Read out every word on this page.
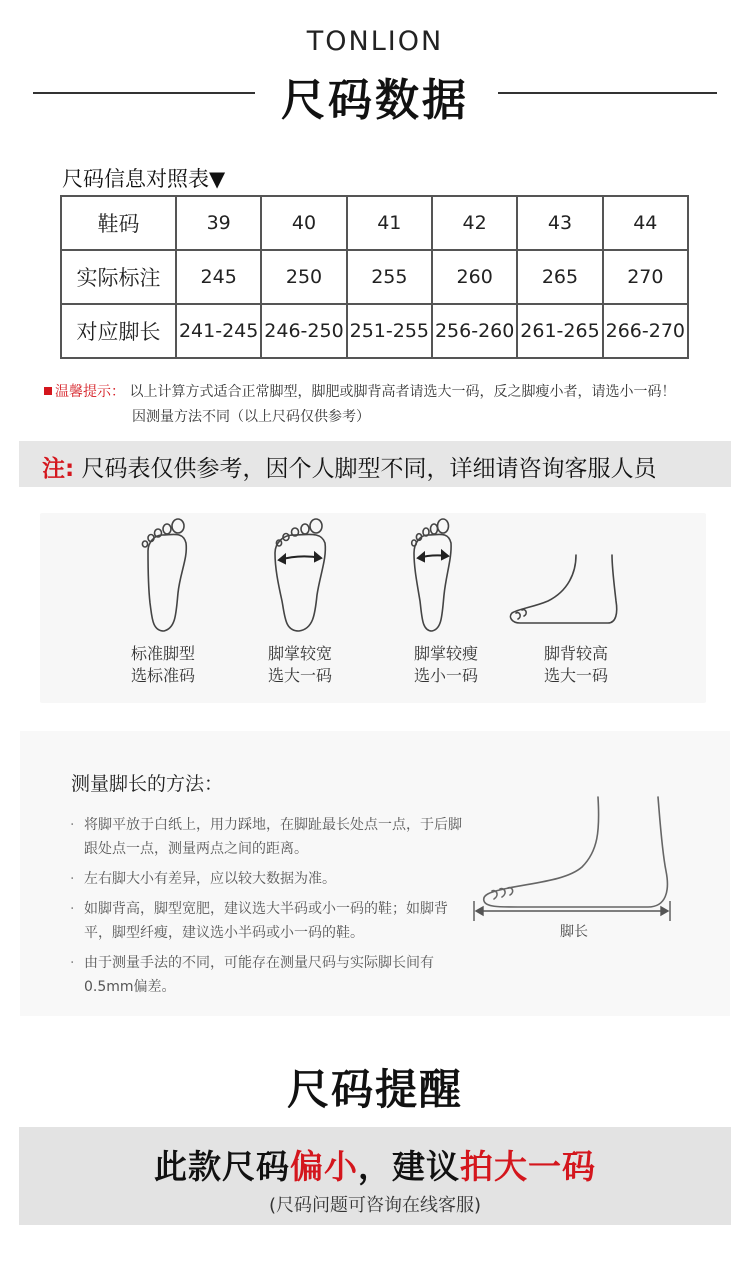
TONLION
尺码数据
尺码信息对照表▼
鞋码	39	40	41	42	43	44
实际标注	245	250	255	260	265	270
对应脚长	241-245	246-250	251-255	256-260	261-265	266-270
温馨提示： 以上计算方式适合正常脚型，脚肥或脚背高者请选大一码，反之脚瘦小者，请选小一码！
因测量方法不同（以上尺码仅供参考）
注: 尺码表仅供参考，因个人脚型不同，详细请咨询客服人员
标准脚型
选标准码
脚掌较宽
选大一码
脚掌较瘦
选小一码
脚背较高
选大一码
测量脚长的方法：
· 将脚平放于白纸上，用力踩地，在脚趾最长处点一点，于后脚跟处点一点，测量两点之间的距离。
· 左右脚大小有差异，应以较大数据为准。
· 如脚背高，脚型宽肥，建议选大半码或小一码的鞋；如脚背平，脚型纤瘦，建议选小半码或小一码的鞋。
· 由于测量手法的不同，可能存在测量尺码与实际脚长间有0.5mm偏差。
脚长
尺码提醒
此款尺码偏小，建议拍大一码
(尺码问题可咨询在线客服)
